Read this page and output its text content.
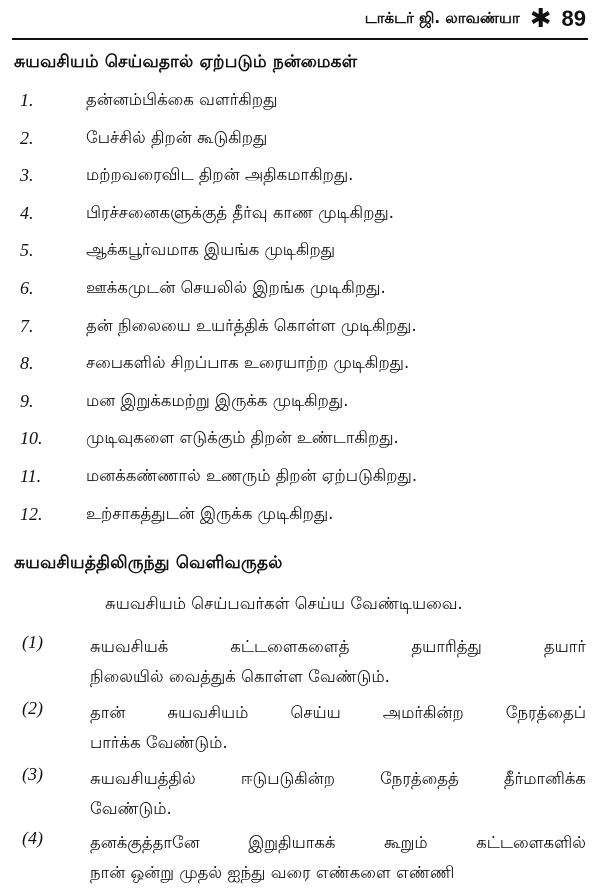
டாக்டர் ஜி. லாவண்யா ✱ 89
சுயவசியம் செய்வதால் ஏற்படும் நன்மைகள்
1.	தன்னம்பிக்கை வளர்கிறது
2.	பேச்சில் திறன் கூடுகிறது
3.	மற்றவரைவிட திறன் அதிகமாகிறது.
4.	பிரச்சனைகளுக்குத் தீர்வு காண முடிகிறது.
5.	ஆக்கபூர்வமாக இயங்க முடிகிறது
6.	ஊக்கமுடன் செயலில் இறங்க முடிகிறது.
7.	தன் நிலையை உயர்த்திக் கொள்ள முடிகிறது.
8.	சபைகளில் சிறப்பாக உரையாற்ற முடிகிறது.
9.	மன இறுக்கமற்று இருக்க முடிகிறது.
10.	முடிவுகளை எடுக்கும் திறன் உண்டாகிறது.
11.	மனக்கண்ணால் உணரும் திறன் ஏற்படுகிறது.
12.	உற்சாகத்துடன் இருக்க முடிகிறது.
சுயவசியத்திலிருந்து வெளிவருதல்
சுயவசியம் செய்பவர்கள் செய்ய வேண்டியவை.
(1)	சுயவசியக் கட்டளைகளைத் தயாரித்து தயார்
நிலையில் வைத்துக் கொள்ள வேண்டும்.
(2)	தான் சுயவசியம் செய்ய அமர்கின்ற நேரத்தைப்
பார்க்க வேண்டும்.
(3)	சுயவசியத்தில் ஈடுபடுகின்ற நேரத்தைத் தீர்மானிக்க
வேண்டும்.
(4)	தனக்குத்தானே இறுதியாகக் கூறும் கட்டளைகளில்
நான் ஒன்று முதல் ஐந்து வரை எண்களை எண்ணி
